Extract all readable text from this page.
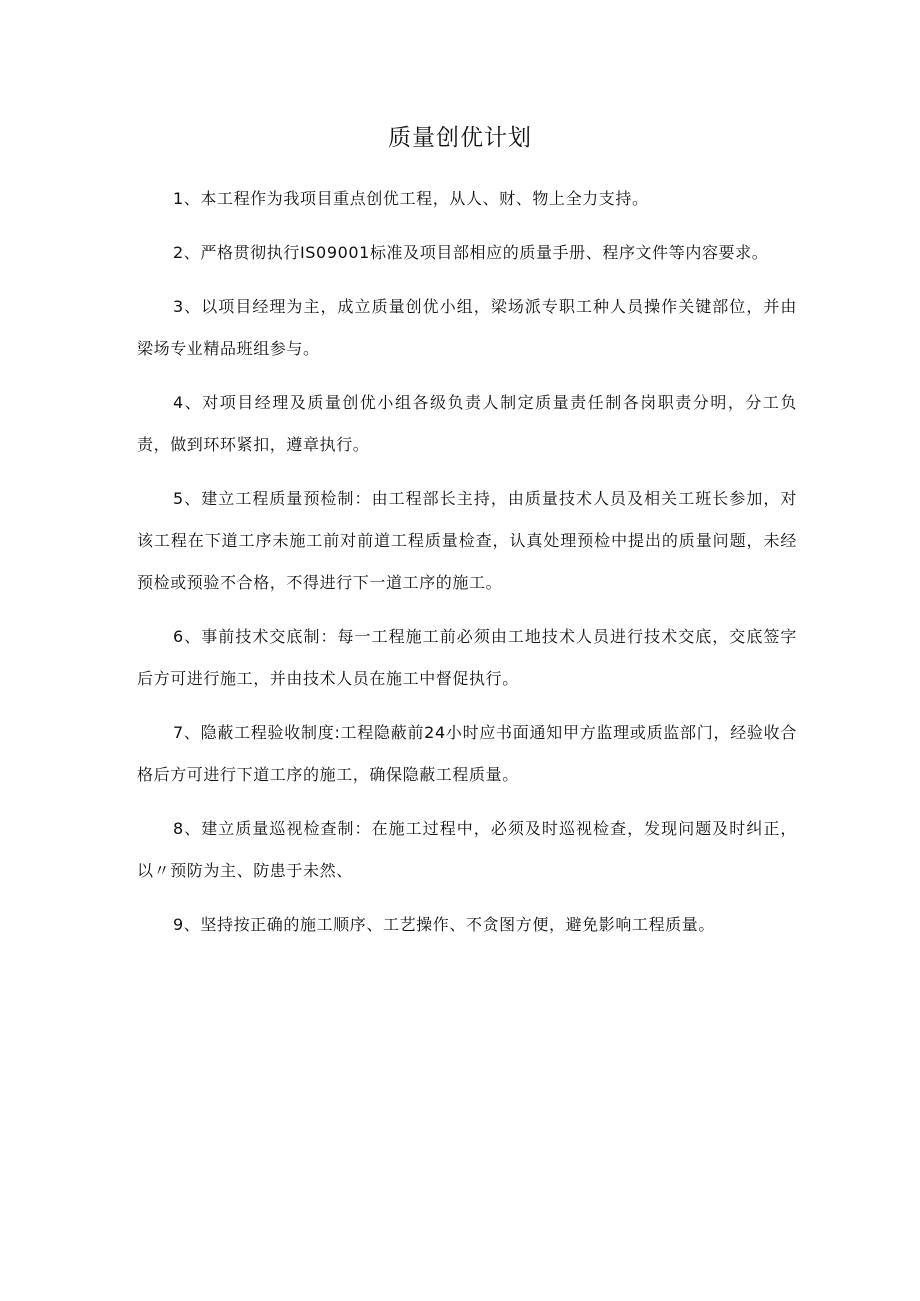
质量创优计划

1、本工程作为我项目重点创优工程，从人、财、物上全力支持。

2、严格贯彻执行IS09001标准及项目部相应的质量手册、程序文件等内容要求。

3、以项目经理为主，成立质量创优小组，梁场派专职工种人员操作关键部位，并由梁场专业精品班组参与。

4、对项目经理及质量创优小组各级负责人制定质量责任制各岗职责分明，分工负责，做到环环紧扣，遵章执行。

5、建立工程质量预检制：由工程部长主持，由质量技术人员及相关工班长参加，对该工程在下道工序未施工前对前道工程质量检查，认真处理预检中提出的质量问题，未经预检或预验不合格，不得进行下一道工序的施工。

6、事前技术交底制：每一工程施工前必须由工地技术人员进行技术交底，交底签字后方可进行施工，并由技术人员在施工中督促执行。

7、隐蔽工程验收制度:工程隐蔽前24小时应书面通知甲方监理或质监部门，经验收合格后方可进行下道工序的施工，确保隐蔽工程质量。

8、建立质量巡视检查制：在施工过程中，必须及时巡视检查，发现问题及时纠正，以〃预防为主、防患于未然、

9、坚持按正确的施工顺序、工艺操作、不贪图方便，避免影响工程质量。
